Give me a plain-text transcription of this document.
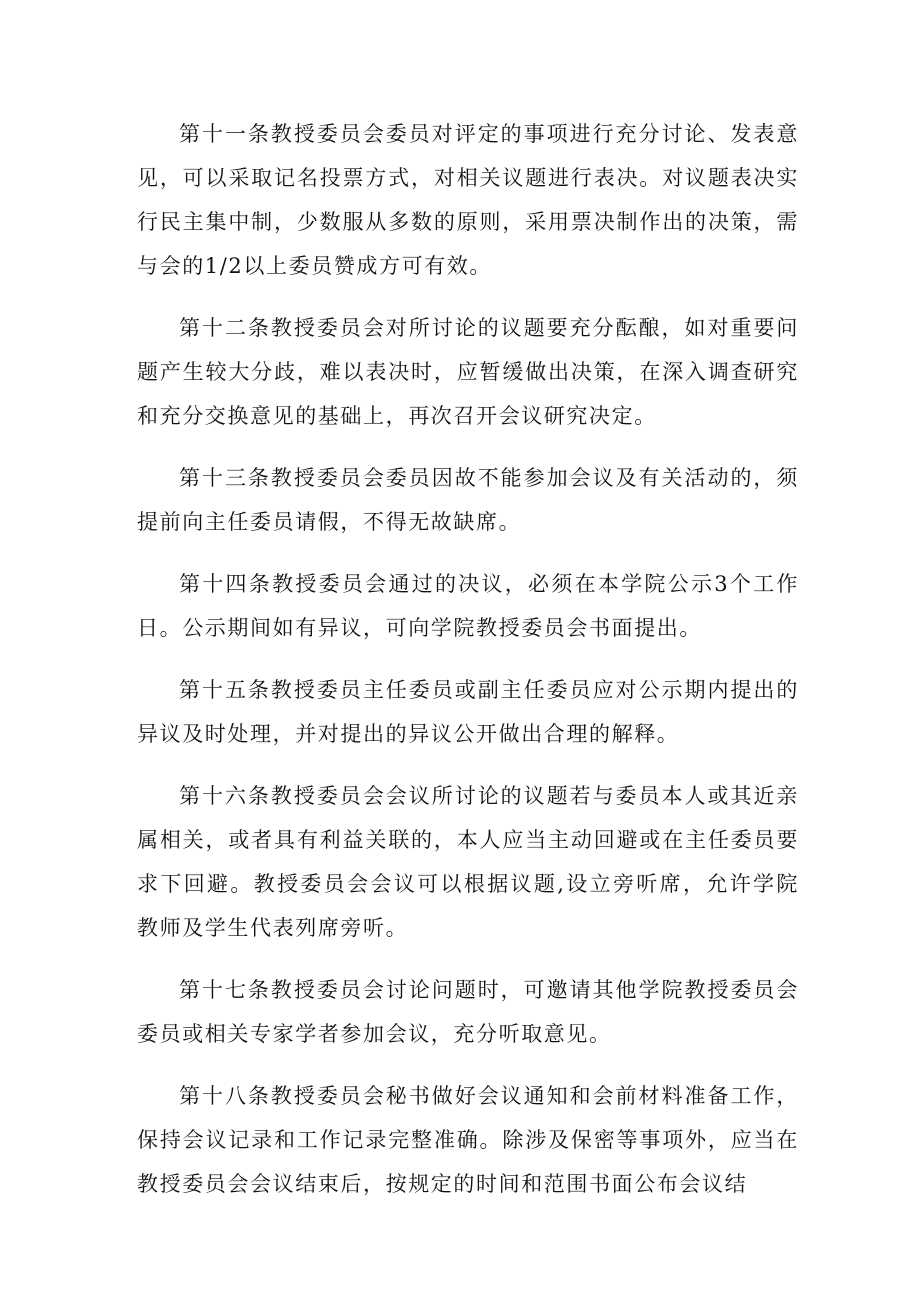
第十一条教授委员会委员对评定的事项进行充分讨论、发表意见，可以采取记名投票方式，对相关议题进行表决。对议题表决实行民主集中制，少数服从多数的原则，采用票决制作出的决策，需与会的1/2以上委员赞成方可有效。

第十二条教授委员会对所讨论的议题要充分酝酿，如对重要问题产生较大分歧，难以表决时，应暂缓做出决策，在深入调查研究和充分交换意见的基础上，再次召开会议研究决定。

第十三条教授委员会委员因故不能参加会议及有关活动的，须提前向主任委员请假，不得无故缺席。

第十四条教授委员会通过的决议，必须在本学院公示3个工作日。公示期间如有异议，可向学院教授委员会书面提出。

第十五条教授委员主任委员或副主任委员应对公示期内提出的异议及时处理，并对提出的异议公开做出合理的解释。

第十六条教授委员会会议所讨论的议题若与委员本人或其近亲属相关，或者具有利益关联的，本人应当主动回避或在主任委员要求下回避。教授委员会会议可以根据议题,设立旁听席，允许学院教师及学生代表列席旁听。

第十七条教授委员会讨论问题时，可邀请其他学院教授委员会委员或相关专家学者参加会议，充分听取意见。

第十八条教授委员会秘书做好会议通知和会前材料准备工作，保持会议记录和工作记录完整准确。除涉及保密等事项外，应当在教授委员会会议结束后，按规定的时间和范围书面公布会议结
